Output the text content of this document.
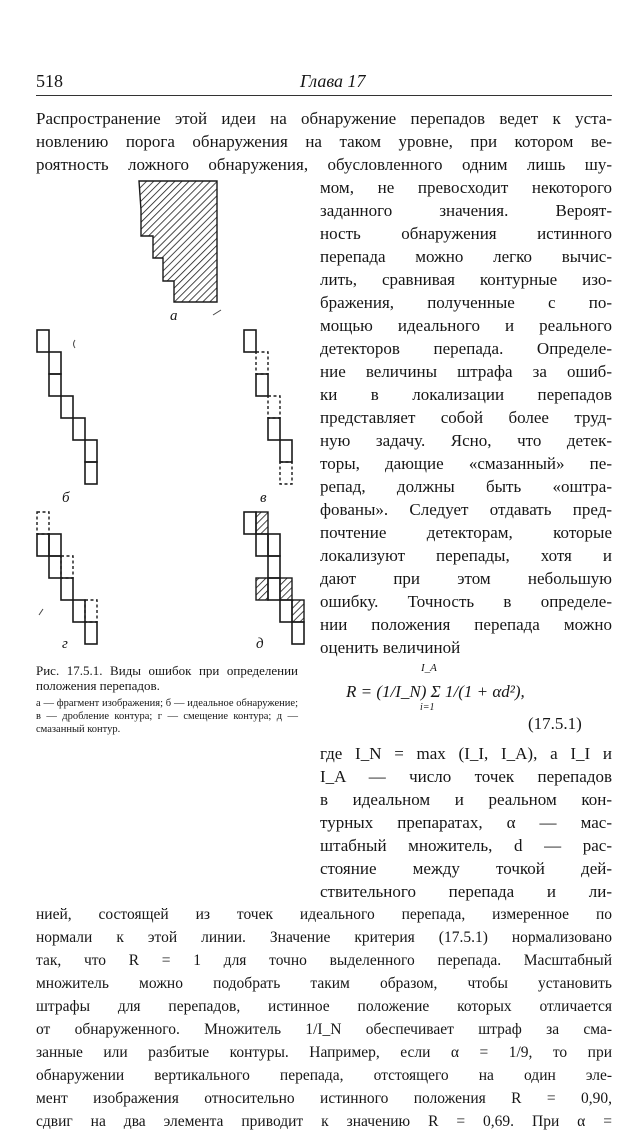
518	Глава 17
Распространение этой идеи на обнаружение перепадов ведет к уста-
новлению порога обнаружения на таком уровне, при котором ве-
роятность ложного обнаружения, обусловленного одним лишь шу-
мом, не превосходит некоторого
заданного значения. Вероят-
ность обнаружения истинного
перепада можно легко вычис-
лить, сравнивая контурные изо-
бражения, полученные с по-
мощью идеального и реального
детекторов перепада. Определе-
ние величины штрафа за ошиб-
ки в локализации перепадов
представляет собой более труд-
ную задачу. Ясно, что детек-
торы, дающие «смазанный» пе-
репад, должны быть «оштра-
фованы». Следует отдавать пред-
почтение детекторам, которые
локализуют перепады, хотя и
дают при этом небольшую
ошибку. Точность в определе-
нии положения перепада можно
оценить величиной
R = (1/I_N) Σ 1/(1 + αd²),
I_A
i=1
(17.5.1)
где I_N = max (I_I, I_A), а I_I и
I_A — число точек перепадов
в идеальном и реальном кон-
турных препаратах, α — мас-
штабный множитель, d — рас-
стояние между точкой дей-
ствительного перепада и ли-
нией, состоящей из точек идеального перепада, измеренное по
нормали к этой линии. Значение критерия (17.5.1) нормализовано
так, что R = 1 для точно выделенного перепада. Масштабный
множитель можно подобрать таким образом, чтобы установить
штрафы для перепадов, истинное положение которых отличается
от обнаруженного. Множитель 1/I_N обеспечивает штраф за сма-
занные или разбитые контуры. Например, если α = 1/9, то при
обнаружении вертикального перепада, отстоящего на один эле-
мент изображения относительно истинного положения R = 0,90,
сдвиг на два элемента приводит к значению R = 0,69. При α =
а
б	в
г	д
Рис. 17.5.1. Виды ошибок при определении положения перепадов.
а — фрагмент изображения; б — идеальное обнаружение; в — дробление контура; г — смещение контура; д — смазанный контур.
